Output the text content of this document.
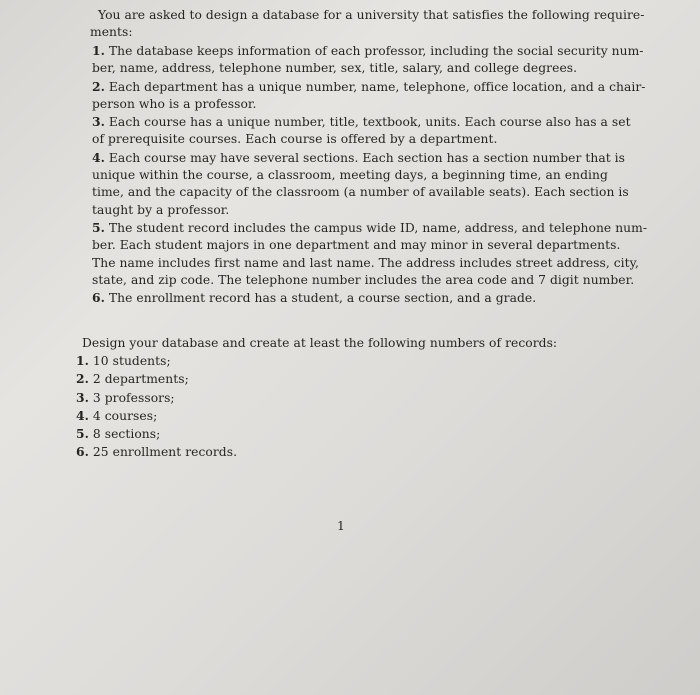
You are asked to design a database for a university that satisfies the following require-
ments:
1. The database keeps information of each professor, including the social security num-
ber, name, address, telephone number, sex, title, salary, and college degrees.
2. Each department has a unique number, name, telephone, office location, and a chair-
person who is a professor.
3. Each course has a unique number, title, textbook, units. Each course also has a set
of prerequisite courses. Each course is offered by a department.
4. Each course may have several sections. Each section has a section number that is
unique within the course, a classroom, meeting days, a beginning time, an ending
time, and the capacity of the classroom (a number of available seats). Each section is
taught by a professor.
5. The student record includes the campus wide ID, name, address, and telephone num-
ber. Each student majors in one department and may minor in several departments.
The name includes first name and last name. The address includes street address, city,
state, and zip code. The telephone number includes the area code and 7 digit number.
6. The enrollment record has a student, a course section, and a grade.
Design your database and create at least the following numbers of records:
1. 10 students;
2. 2 departments;
3. 3 professors;
4. 4 courses;
5. 8 sections;
6. 25 enrollment records.
1
